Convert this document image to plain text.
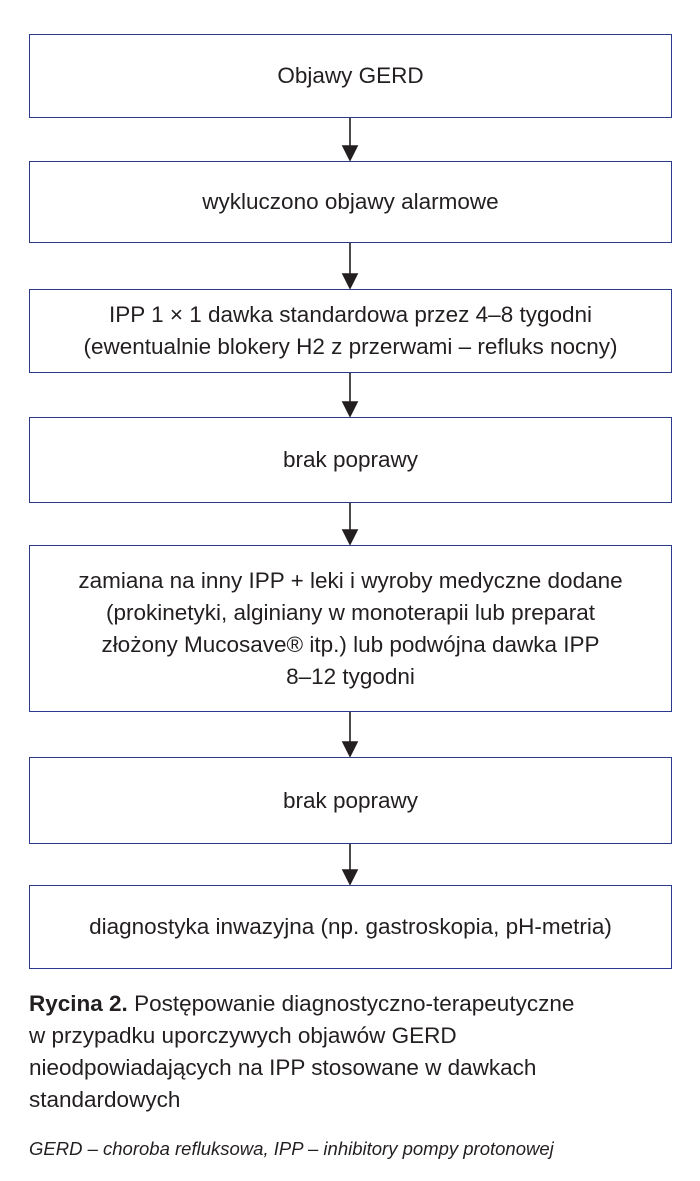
Objawy GERD
wykluczono objawy alarmowe
IPP 1 × 1 dawka standardowa przez 4–8 tygodni
(ewentualnie blokery H2 z przerwami – refluks nocny)
brak poprawy
zamiana na inny IPP + leki i wyroby medyczne dodane
(prokinetyki, alginiany w monoterapii lub preparat
złożony Mucosave® itp.) lub podwójna dawka IPP
8–12 tygodni
brak poprawy
diagnostyka inwazyjna (np. gastroskopia, pH-metria)
Rycina 2. Postępowanie diagnostyczno-terapeutyczne
w przypadku uporczywych objawów GERD
nieodpowiadających na IPP stosowane w dawkach
standardowych
GERD – choroba refluksowa, IPP – inhibitory pompy protonowej
